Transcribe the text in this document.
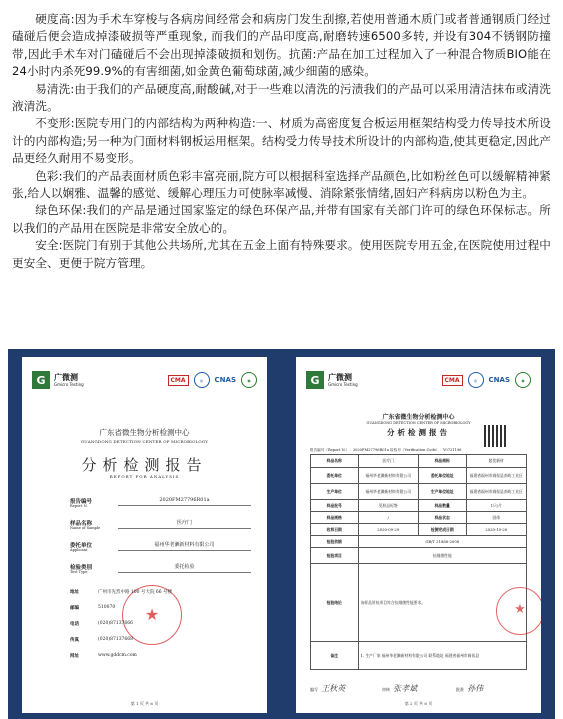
硬度高:因为手术车穿梭与各病房间经常会和病房门发生刮擦,若使用普通木质门或者普通钢质门经过磕碰后便会造成掉漆破损等严重现象, 而我们的产品印度高,耐磨转速6500多转, 并设有304不锈钢防撞带,因此手术车对门磕碰后不会出现掉漆破损和划伤。抗菌:产品在加工过程加入了一种混合物质BIO能在24小时内杀死99.9%的有害细菌,如金黄色葡萄球菌,减少细菌的感染。

易清洗:由于我们的产品硬度高,耐酸碱,对于一些难以清洗的污渍我们的产品可以采用清洁抹布或清洗液清洗。

不变形:医院专用门的内部结构为两种构造:一、材质为高密度复合板运用框架结构受力传导技术所设计的内部构造;另一种为门面材料钢板运用框架。结构受力传导技术所设计的内部构造,使其更稳定,因此产品更经久耐用不易变形。

色彩:我们的产品表面材质色彩丰富亮丽,院方可以根据科室选择产品颜色,比如粉丝色可以缓解精神紧张,给人以娴雅、温馨的感觉、缓解心理压力可使脉率减慢、消除紧张情绪,固妇产科病房以粉色为主。

绿色环保:我们的产品是通过国家鉴定的绿色环保产品,并带有国家有关部门许可的绿色环保标志。所以我们的产品用在医院是非常安全放心的。

安全:医院门有别于其他公共场所,尤其在五金上面有特殊要求。使用医院专用五金,在医院使用过程中更安全、更便于院方管理。

G	广微测
Gmicro Testing
CMA	◎	CNAS	◉
广东省微生物分析检测中心
GUANGDONG DETECTION CENTER OF MICROBIOLOGY
分析检测报告
REPORT FOR ANALYSIS
报告编号
Report N.
2020FM27796R01a
样品名称
Name of Sample
医疗门
委托单位
Applicant
福州华老濑新材料有限公司
检验类别
Test Type
委托检验
★
地址	广州市先烈中路 100 号大院 66 号楼
邮编	510070
电话	(020)87137666
传真	(020)87137668
网址	www.gddcm.com
第 1 页 共 6 页
G	广微测
Gmicro Testing
CMA	◎	CNAS	◉
广东省微生物分析检测中心
GUANGDONG DETECTION CENTER OF MICROBIOLOGY
分析检测报告
报告编号（Report N.）：2020FM27796R01a 检验号（Verification Code）：Y0721196
样品名称	医疗门	样品商标	超优新材
委托单位	福州华老濑新材料有限公司	委托单位地址	福建省福州市闽侯县南屿工业区
生产单位	福州华老濑新材料有限公司	生产单位地址	福建省福州市闽侯县南屿工业区
样品批号	见样品标签	样品数量	1只/片
样品规格	/	样品状态	固体
收样日期	2020-09-29	检测完成日期	2020-10-20
检验依据	GB/T 21866-2008		
检验项目	抗细菌性能		
检验结论	该样品所检项目符合抗细菌性能要求。		
备注	1. 生产厂家 福州华老濑新材料有限公司 联系地址 福建省福州市闽侯县		
★
编写 王秋英	审核 张孝斌	批准 孙伟
第 2 页 共 6 页
